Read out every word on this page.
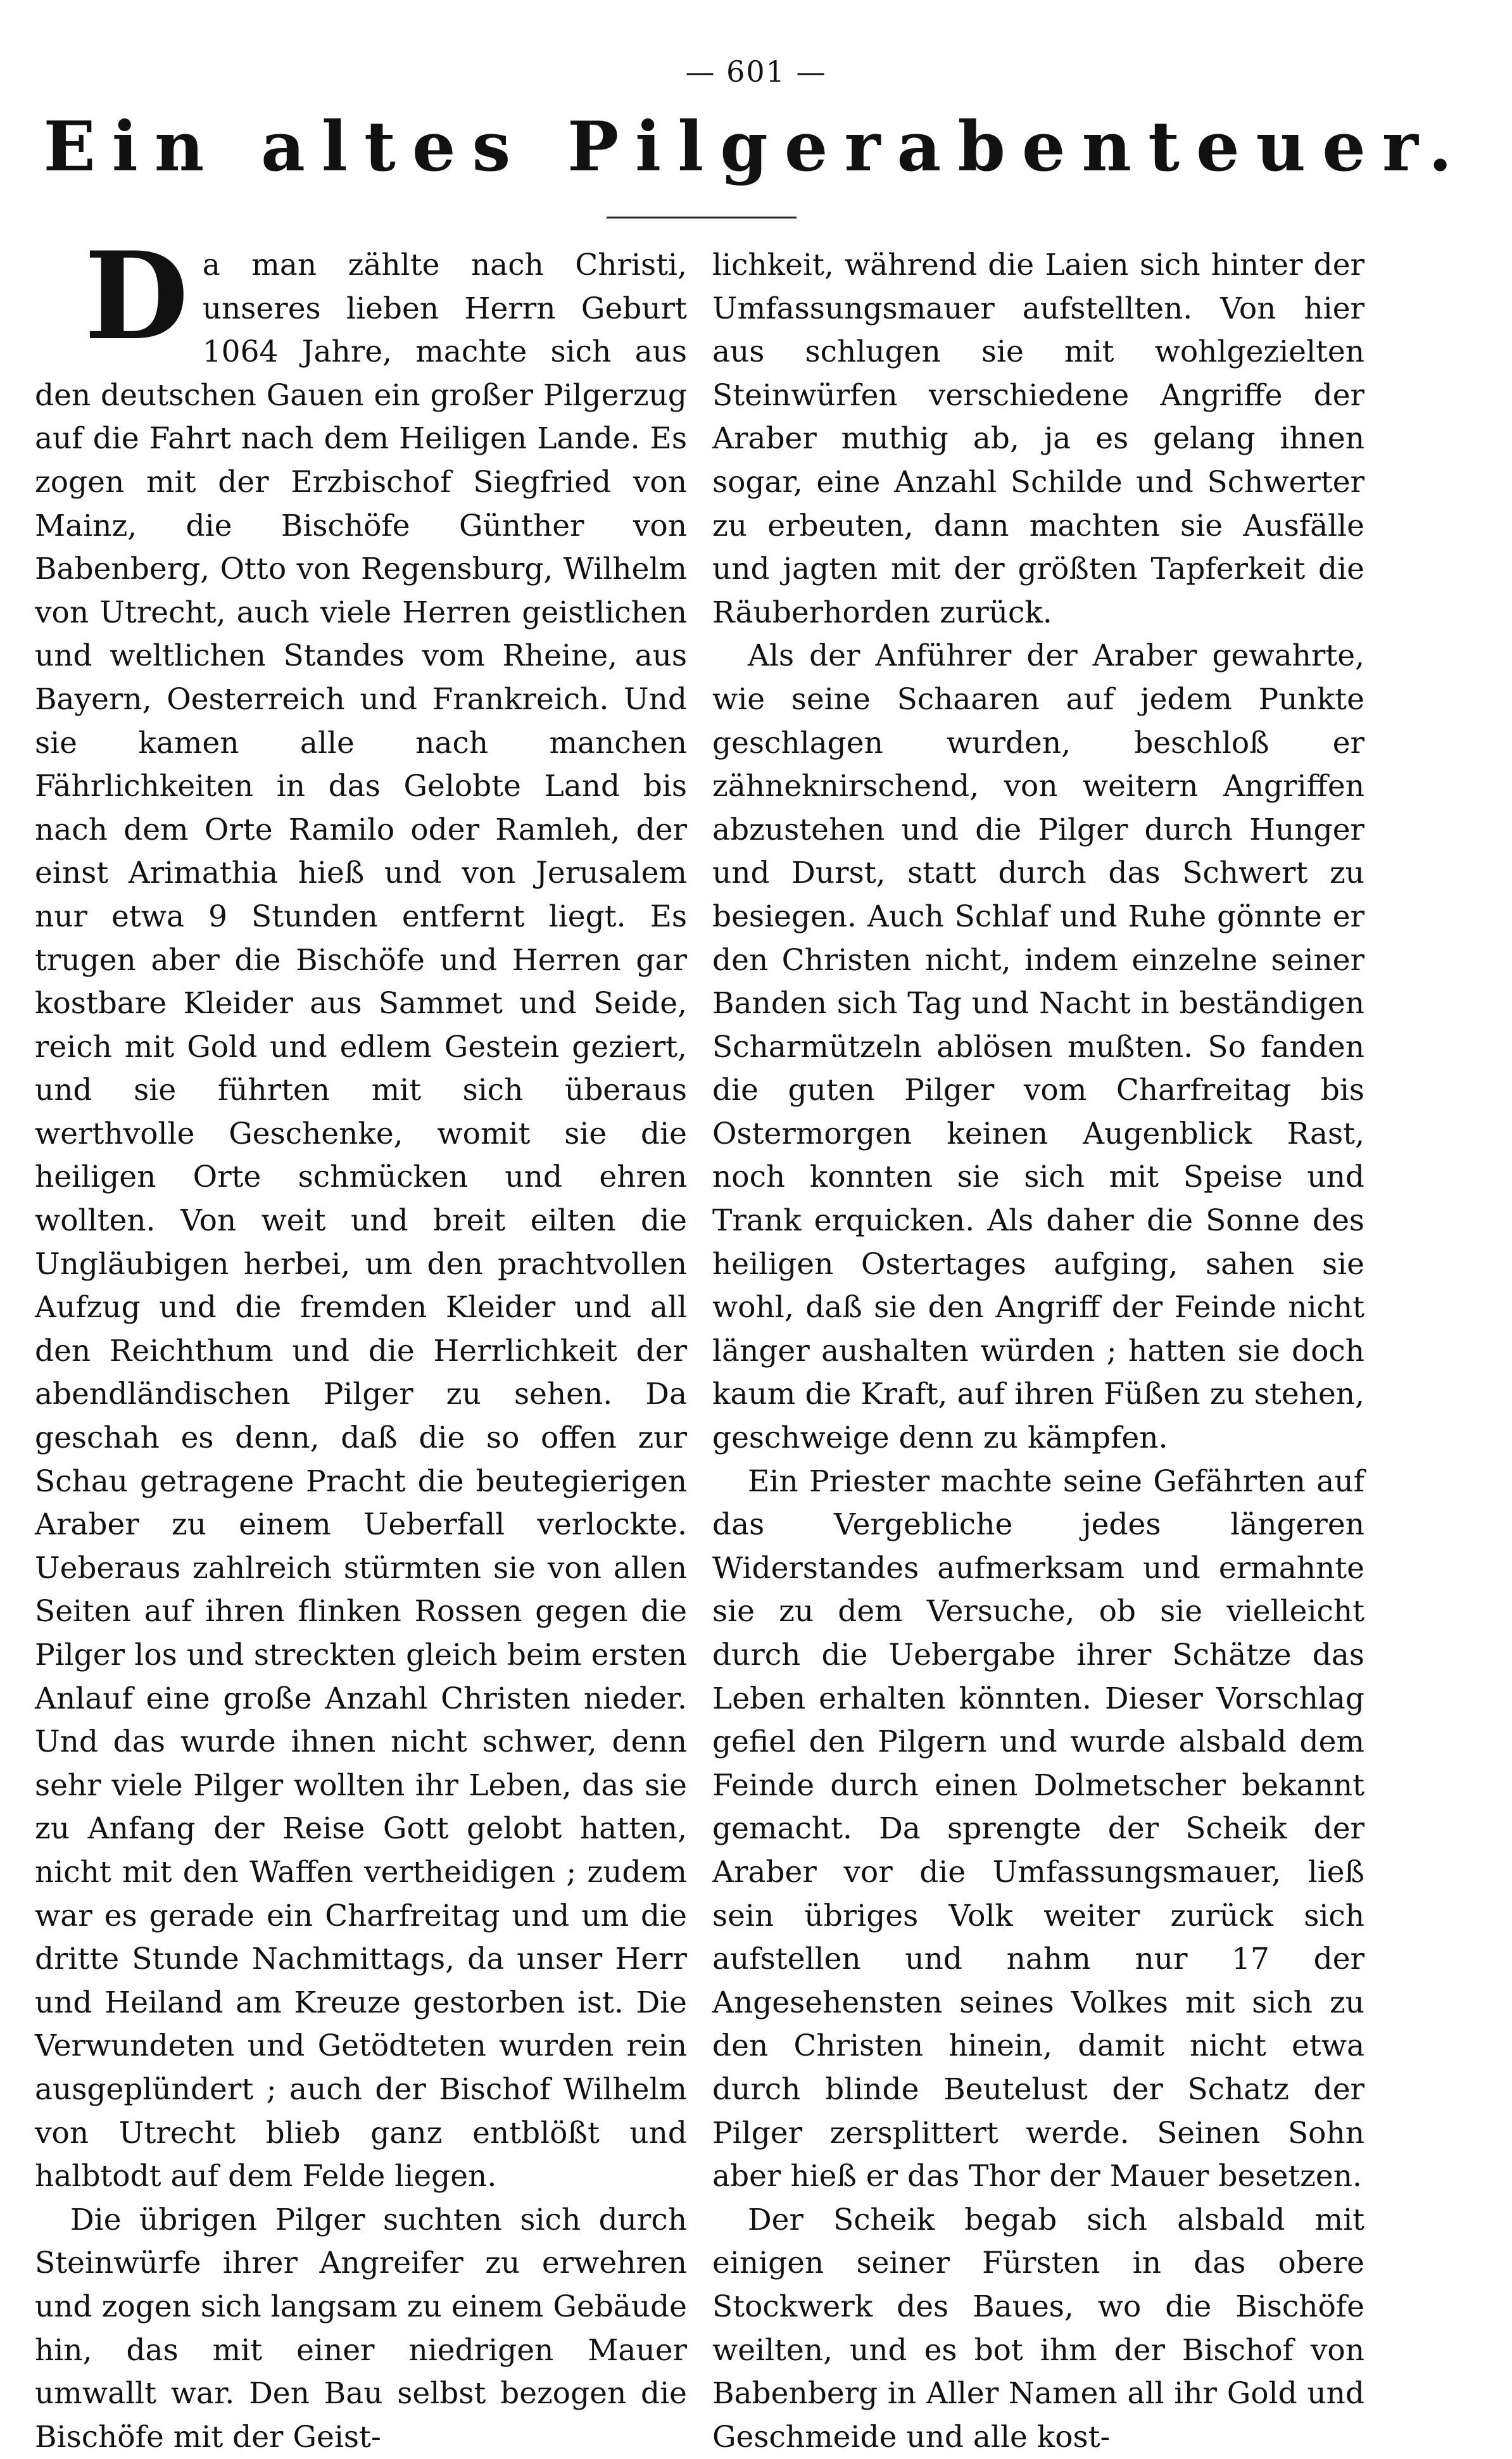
— 601 —
Ein altes Pilgerabenteuer.
D a man zählte nach Christi, unseres lieben Herrn Geburt 1064 Jahre, machte sich aus den deutschen Gauen ein großer Pilgerzug auf die Fahrt nach dem Heiligen Lande. Es zogen mit der Erzbischof Siegfried von Mainz, die Bischöfe Günther von Babenberg, Otto von Regensburg, Wilhelm von Utrecht, auch viele Herren geistlichen und weltlichen Standes vom Rheine, aus Bayern, Oesterreich und Frankreich. Und sie kamen alle nach manchen Fährlichkeiten in das Gelobte Land bis nach dem Orte Ramilo oder Ramleh, der einst Arimathia hieß und von Jerusalem nur etwa 9 Stunden entfernt liegt. Es trugen aber die Bischöfe und Herren gar kostbare Kleider aus Sammet und Seide, reich mit Gold und edlem Gestein geziert, und sie führten mit sich überaus werthvolle Geschenke, womit sie die heiligen Orte schmücken und ehren wollten. Von weit und breit eilten die Ungläubigen herbei, um den prachtvollen Aufzug und die fremden Kleider und all den Reichthum und die Herrlichkeit der abendländischen Pilger zu sehen. Da geschah es denn, daß die so offen zur Schau getragene Pracht die beutegierigen Araber zu einem Ueberfall verlockte. Ueberaus zahlreich stürmten sie von allen Seiten auf ihren flinken Rossen gegen die Pilger los und streckten gleich beim ersten Anlauf eine große Anzahl Christen nieder. Und das wurde ihnen nicht schwer, denn sehr viele Pilger wollten ihr Leben, das sie zu Anfang der Reise Gott gelobt hatten, nicht mit den Waffen vertheidigen ; zudem war es gerade ein Charfreitag und um die dritte Stunde Nachmittags, da unser Herr und Heiland am Kreuze gestorben ist. Die Verwundeten und Getödteten wurden rein ausgeplündert ; auch der Bischof Wilhelm von Utrecht blieb ganz entblößt und halbtodt auf dem Felde liegen.

Die übrigen Pilger suchten sich durch Steinwürfe ihrer Angreifer zu erwehren und zogen sich langsam zu einem Gebäude hin, das mit einer niedrigen Mauer umwallt war. Den Bau selbst bezogen die Bischöfe mit der Geist-

lichkeit, während die Laien sich hinter der Umfassungsmauer aufstellten. Von hier aus schlugen sie mit wohlgezielten Steinwürfen verschiedene Angriffe der Araber muthig ab, ja es gelang ihnen sogar, eine Anzahl Schilde und Schwerter zu erbeuten, dann machten sie Ausfälle und jagten mit der größten Tapferkeit die Räuberhorden zurück.

Als der Anführer der Araber gewahrte, wie seine Schaaren auf jedem Punkte geschlagen wurden, beschloß er zähneknirschend, von weitern Angriffen abzustehen und die Pilger durch Hunger und Durst, statt durch das Schwert zu besiegen. Auch Schlaf und Ruhe gönnte er den Christen nicht, indem einzelne seiner Banden sich Tag und Nacht in beständigen Scharmützeln ablösen mußten. So fanden die guten Pilger vom Charfreitag bis Ostermorgen keinen Augenblick Rast, noch konnten sie sich mit Speise und Trank erquicken. Als daher die Sonne des heiligen Ostertages aufging, sahen sie wohl, daß sie den Angriff der Feinde nicht länger aushalten würden ; hatten sie doch kaum die Kraft, auf ihren Füßen zu stehen, geschweige denn zu kämpfen.

Ein Priester machte seine Gefährten auf das Vergebliche jedes längeren Widerstandes aufmerksam und ermahnte sie zu dem Versuche, ob sie vielleicht durch die Uebergabe ihrer Schätze das Leben erhalten könnten. Dieser Vorschlag gefiel den Pilgern und wurde alsbald dem Feinde durch einen Dolmetscher bekannt gemacht. Da sprengte der Scheik der Araber vor die Umfassungsmauer, ließ sein übriges Volk weiter zurück sich aufstellen und nahm nur 17 der Angesehensten seines Volkes mit sich zu den Christen hinein, damit nicht etwa durch blinde Beutelust der Schatz der Pilger zersplittert werde. Seinen Sohn aber hieß er das Thor der Mauer besetzen.

Der Scheik begab sich alsbald mit einigen seiner Fürsten in das obere Stockwerk des Baues, wo die Bischöfe weilten, und es bot ihm der Bischof von Babenberg in Aller Namen all ihr Gold und Geschmeide und alle kost-
